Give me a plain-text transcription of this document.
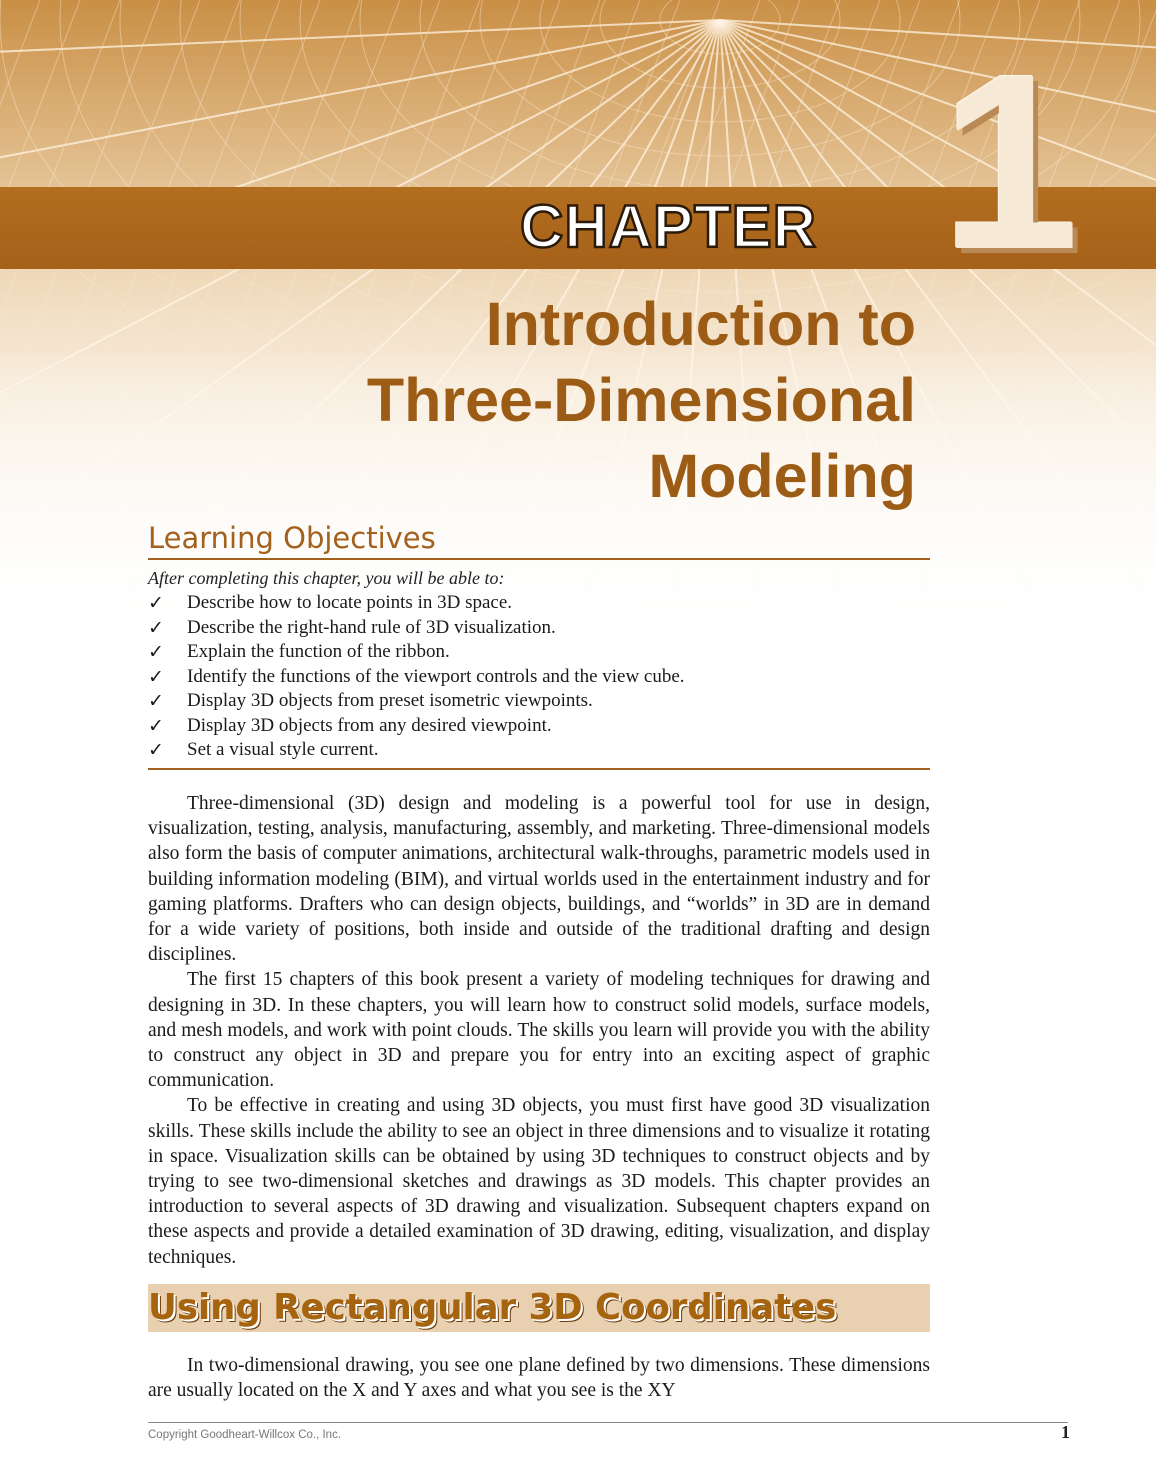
CHAPTER 1
Introduction to
Three-Dimensional
Modeling
Learning Objectives
After completing this chapter, you will be able to:
✓	Describe how to locate points in 3D space.
✓	Describe the right-hand rule of 3D visualization.
✓	Explain the function of the ribbon.
✓	Identify the functions of the viewport controls and the view cube.
✓	Display 3D objects from preset isometric viewpoints.
✓	Display 3D objects from any desired viewpoint.
✓	Set a visual style current.

Three-dimensional (3D) design and modeling is a powerful tool for use in design, visualization, testing, analysis, manufacturing, assembly, and marketing. Three-dimensional models also form the basis of computer animations, architectural walk-throughs, parametric models used in building information modeling (BIM), and virtual worlds used in the entertainment industry and for gaming platforms. Drafters who can design objects, buildings, and “worlds” in 3D are in demand for a wide variety of positions, both inside and outside of the traditional drafting and design disciplines.

The first 15 chapters of this book present a variety of modeling techniques for drawing and designing in 3D. In these chapters, you will learn how to construct solid models, surface models, and mesh models, and work with point clouds. The skills you learn will provide you with the ability to construct any object in 3D and prepare you for entry into an exciting aspect of graphic communication.

To be effective in creating and using 3D objects, you must first have good 3D visualization skills. These skills include the ability to see an object in three dimensions and to visualize it rotating in space. Visualization skills can be obtained by using 3D techniques to construct objects and by trying to see two-dimensional sketches and drawings as 3D models. This chapter provides an introduction to several aspects of 3D drawing and visualization. Subsequent chapters expand on these aspects and provide a detailed examination of 3D drawing, editing, visualization, and display techniques.

Using Rectangular 3D Coordinates

In two-dimensional drawing, you see one plane defined by two dimensions. These dimensions are usually located on the X and Y axes and what you see is the XY

Copyright Goodheart-Willcox Co., Inc.	1
